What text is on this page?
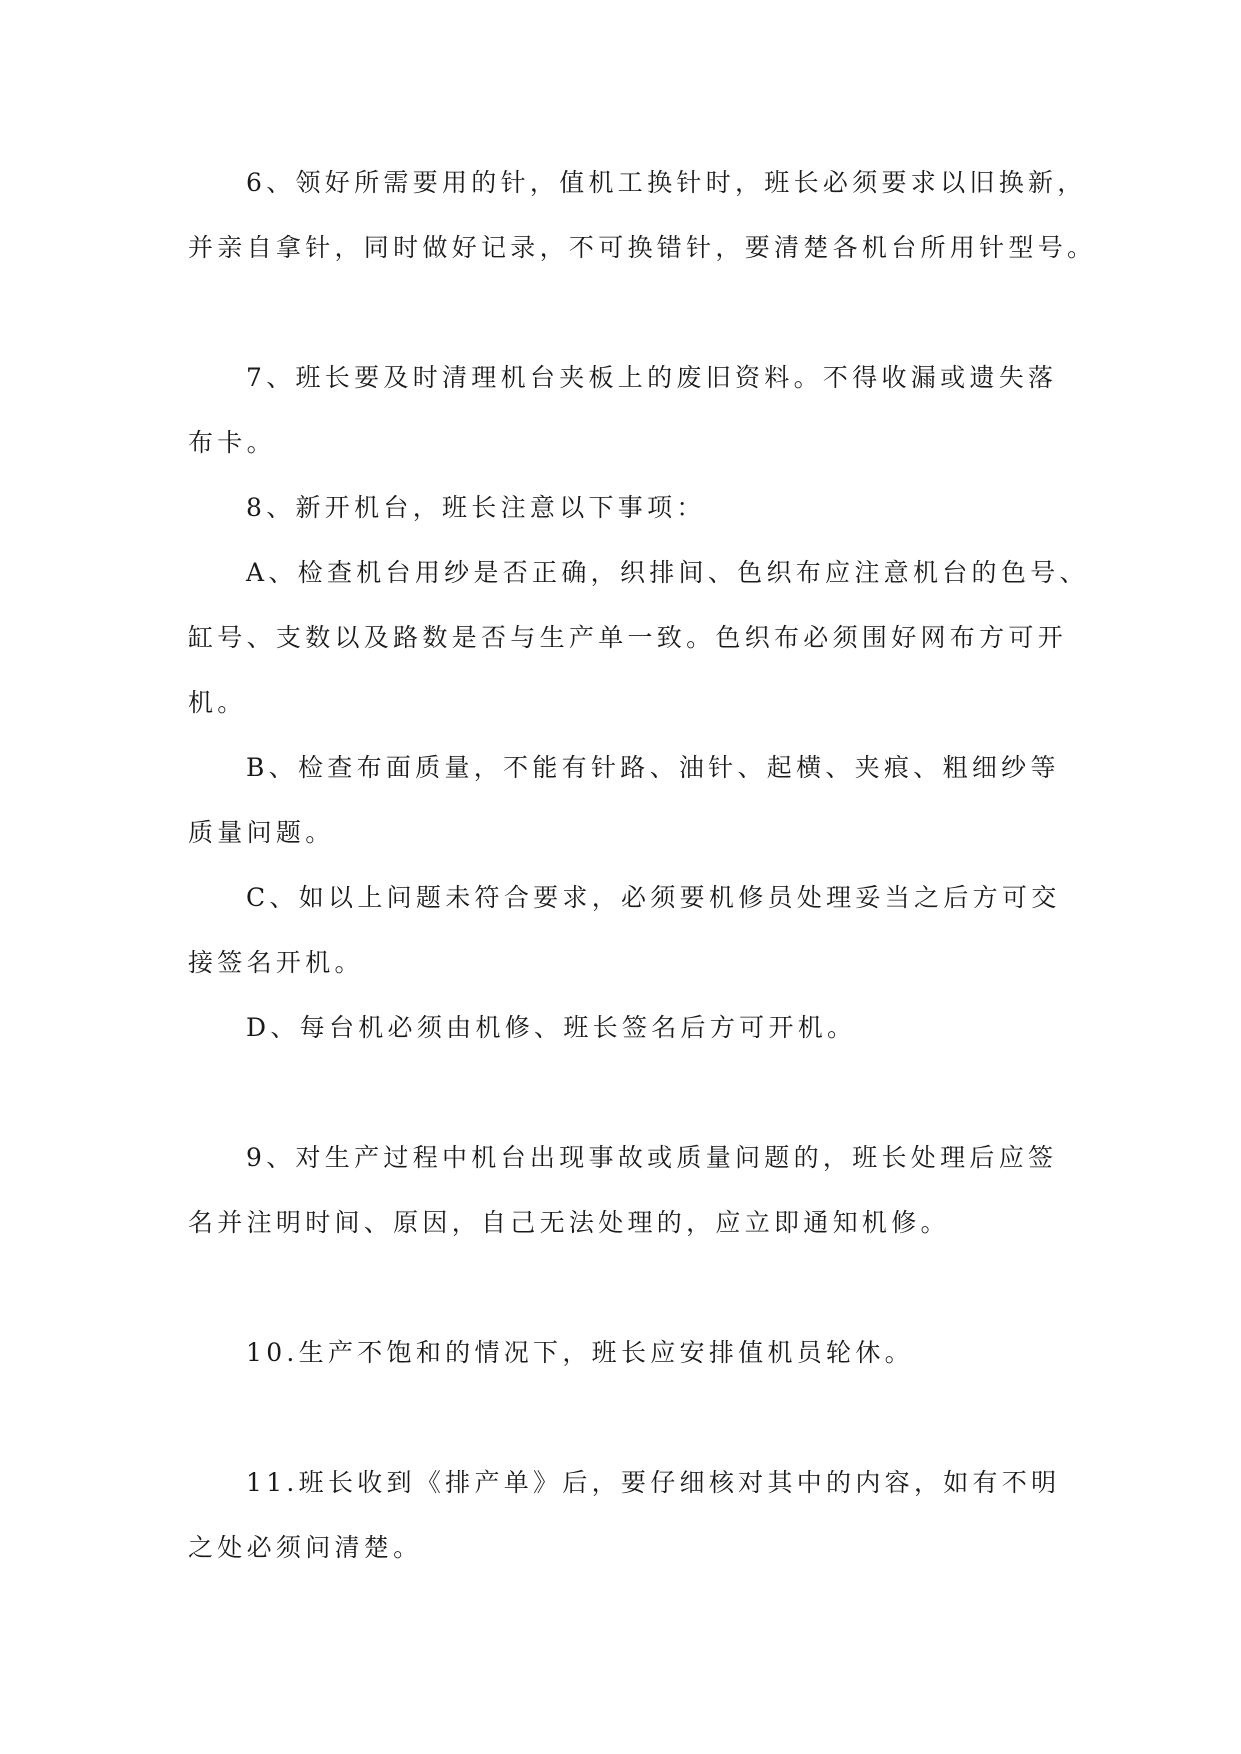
6、领好所需要用的针，值机工换针时，班长必须要求以旧换新，
并亲自拿针，同时做好记录，不可换错针，要清楚各机台所用针型号。
7、班长要及时清理机台夹板上的废旧资料。不得收漏或遗失落
布卡。
8、新开机台，班长注意以下事项：
A、检查机台用纱是否正确，织排间、色织布应注意机台的色号、
缸号、支数以及路数是否与生产单一致。色织布必须围好网布方可开
机。
B、检查布面质量，不能有针路、油针、起横、夹痕、粗细纱等
质量问题。
C、如以上问题未符合要求，必须要机修员处理妥当之后方可交
接签名开机。
D、每台机必须由机修、班长签名后方可开机。
9、对生产过程中机台出现事故或质量问题的，班长处理后应签
名并注明时间、原因，自己无法处理的，应立即通知机修。
10.生产不饱和的情况下，班长应安排值机员轮休。
11.班长收到《排产单》后，要仔细核对其中的内容，如有不明
之处必须问清楚。
